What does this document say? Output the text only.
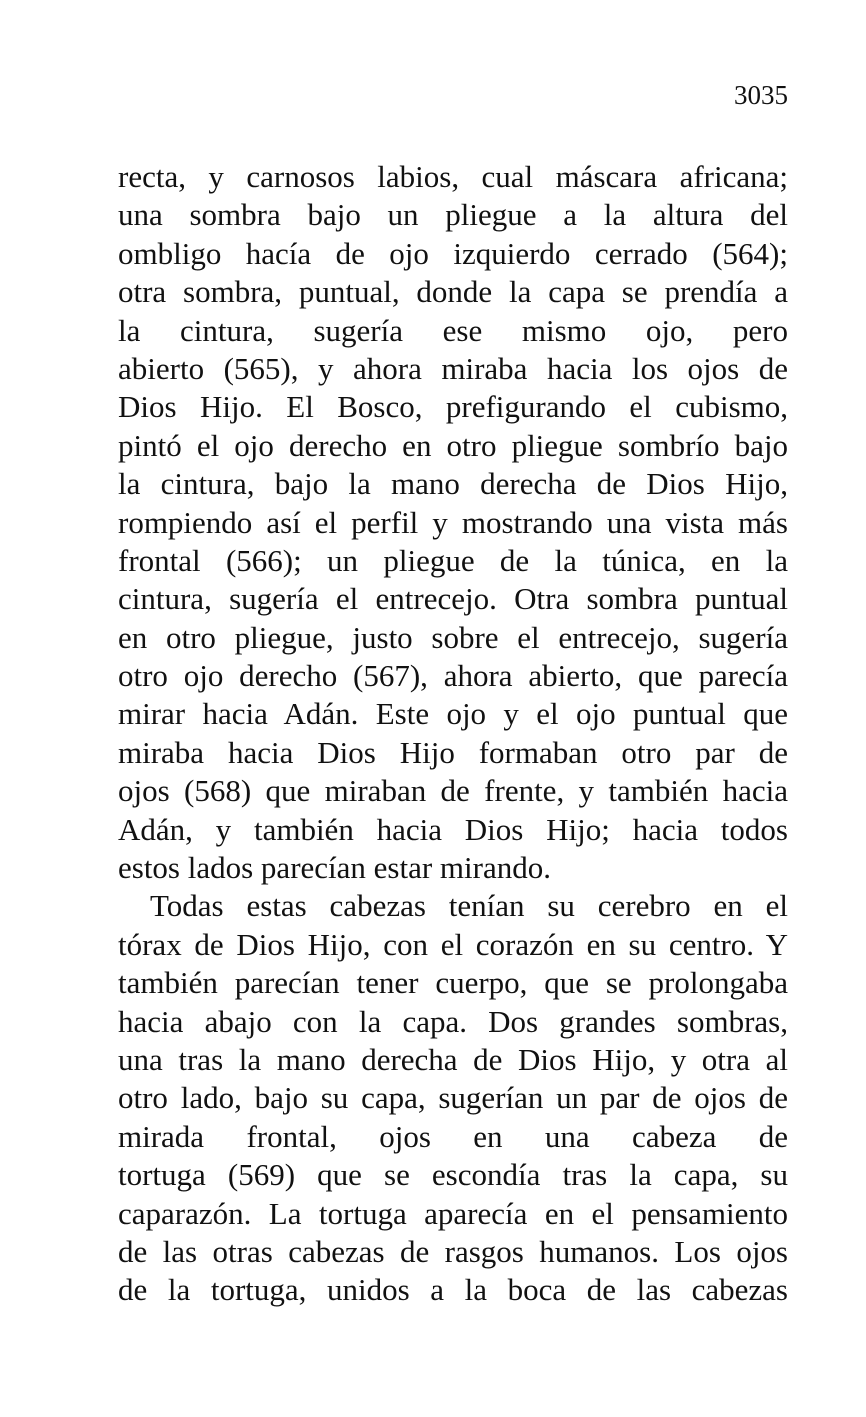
3035
recta, y carnosos labios, cual máscara africana;
una sombra bajo un pliegue a la altura del
ombligo hacía de ojo izquierdo cerrado (564);
otra sombra, puntual, donde la capa se prendía a
la cintura, sugería ese mismo ojo, pero
abierto (565), y ahora miraba hacia los ojos de
Dios Hijo. El Bosco, prefigurando el cubismo,
pintó el ojo derecho en otro pliegue sombrío bajo
la cintura, bajo la mano derecha de Dios Hijo,
rompiendo así el perfil y mostrando una vista más
frontal (566); un pliegue de la túnica, en la
cintura, sugería el entrecejo. Otra sombra puntual
en otro pliegue, justo sobre el entrecejo, sugería
otro ojo derecho (567), ahora abierto, que parecía
mirar hacia Adán. Este ojo y el ojo puntual que
miraba hacia Dios Hijo formaban otro par de
ojos (568) que miraban de frente, y también hacia
Adán, y también hacia Dios Hijo; hacia todos
estos lados parecían estar mirando.
Todas estas cabezas tenían su cerebro en el
tórax de Dios Hijo, con el corazón en su centro. Y
también parecían tener cuerpo, que se prolongaba
hacia abajo con la capa. Dos grandes sombras,
una tras la mano derecha de Dios Hijo, y otra al
otro lado, bajo su capa, sugerían un par de ojos de
mirada frontal, ojos en una cabeza de
tortuga (569) que se escondía tras la capa, su
caparazón. La tortuga aparecía en el pensamiento
de las otras cabezas de rasgos humanos. Los ojos
de la tortuga, unidos a la boca de las cabezas
